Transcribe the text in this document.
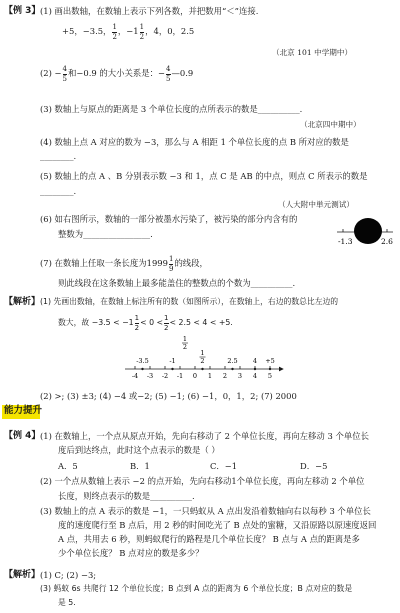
【例 3】 (1) 画出数轴，在数轴上表示下列各数，并把数用“＜”连接.
+5，−3.5， $\frac{1}{2}$ ，$-1 \frac{1}{2}$ ，4，0，2.5
（北京 101 中学期中）
$(2) - \frac{4}{5}$ 和−0.9 的大小关系是：− $\frac{4}{5}$ —0.9
(3) 数轴上与原点的距离是 3 个单位长度的点所表示的数是__________.
（北京四中期中）
(4) 数轴上点 A 对应的数为 −3，那么与 A 相距 1 个单位长度的点 B 所对应的数是
________.
(5) 数轴上的点 A 、B 分别表示数 −3 和 1，点 C 是 AB 的中点，则点 C 所表示的数是
________.
（人大附中単元测试）
(6) 如右图所示，数轴的一部分被墨水污染了，被污染的部分内含有的
整数为________________.
-1.3	2.6
(7) 在数轴上任取一条长度为$1999 \frac{1}{9}$ 的线段，
则此线段在这条数轴上最多能盖住的整数点的个数为__________.
【解析】 (1) 先画出数轴，在数轴上标注所有的数（如图所示），在数轴上，右边的数总比左边的
数大，故 $-3.5 < -1 \frac{1}{2} < 0 < \frac{1}{2} < 2.5 < 4 < +5$.
-4 -3 -2 -1 0 1 2 3 4 5
-3.5	-1	2.5 4 +5
1
2
1
2
(2) >; (3) ±3; (4) −4 或−2; (5) −1; (6) −1，0，1，2; (7) 2000
能力提升
【例 4】 (1) 在数轴上，一个点从原点开始，先向右移动了 2 个单位长度，再向左移动 3 个单位长
度后到达终点，此时这个点表示的数是（ ）
A．5	B．1	C．−1	D．−5
(2) 一个点从数轴上表示 −2 的点开始，先向右移动1个单位长度，再向左移动 2 个单位
长度，则终点表示的数是__________.
(3) 数轴上的点 A 表示的数是 −1，一只蚂蚁从 A 点出发沿着数轴向右以每秒 3 个单位长
度的速度爬行至 B 点后，用 2 秒的时间吃光了 B 点处的蜜糖，又沿原路以原速度返回
A 点，共用去 6 秒，则蚂蚁爬行的路程是几个单位长度？ B 点与 A 点的距离是多
少个单位长度？ B 点对应的数是多少？
【解析】 (1) C; (2) −3;
(3) 蚂蚁 6s 共爬行 12 个单位长度；B 点到 A 点的距离为 6 个单位长度；B 点对应的数是
是 5.
